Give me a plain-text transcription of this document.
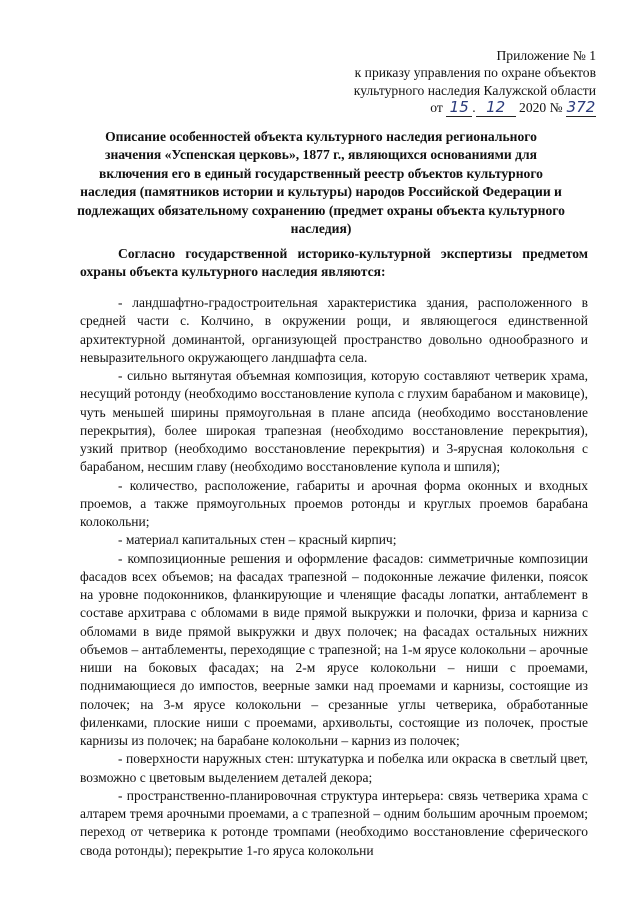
Приложение № 1
к приказу управления по охране объектов
культурного наследия Калужской области
от 15 . 12 2020 № 372
Описание особенностей объекта культурного наследия регионального значения «Успенская церковь», 1877 г., являющихся основаниями для включения его в единый государственный реестр объектов культурного наследия (памятников истории и культуры) народов Российской Федерации и подлежащих обязательному сохранению (предмет охраны объекта культурного наследия)
Согласно государственной историко-культурной экспертизы предметом охраны объекта культурного наследия являются:

- ландшафтно-градостроительная характеристика здания, расположенного в средней части с. Колчино, в окружении рощи, и являющегося единственной архитектурной доминантой, организующей пространство довольно однообразного и невыразительного окружающего ландшафта села.

- сильно вытянутая объемная композиция, которую составляют четверик храма, несущий ротонду (необходимо восстановление купола с глухим барабаном и маковице), чуть меньшей ширины прямоугольная в плане апсида (необходимо восстановление перекрытия), более широкая трапезная (необходимо восстановление перекрытия), узкий притвор (необходимо восстановление перекрытия) и 3-ярусная колокольня с барабаном, несшим главу (необходимо восстановление купола и шпиля);

- количество, расположение, габариты и арочная форма оконных и входных проемов, а также прямоугольных проемов ротонды и круглых проемов барабана колокольни;

- материал капитальных стен – красный кирпич;

- композиционные решения и оформление фасадов: симметричные композиции фасадов всех объемов; на фасадах трапезной – подоконные лежачие филенки, поясок на уровне подоконников, фланкирующие и членящие фасады лопатки, антаблемент в составе архитрава с обломами в виде прямой выкружки и полочки, фриза и карниза с обломами в виде прямой выкружки и двух полочек; на фасадах остальных нижних объемов – антаблементы, переходящие с трапезной; на 1-м ярусе колокольни – арочные ниши на боковых фасадах; на 2-м ярусе колокольни – ниши с проемами, поднимающиеся до импостов, веерные замки над проемами и карнизы, состоящие из полочек; на 3-м ярусе колокольни – срезанные углы четверика, обработанные филенками, плоские ниши с проемами, архивольты, состоящие из полочек, простые карнизы из полочек; на барабане колокольни – карниз из полочек;

- поверхности наружных стен: штукатурка и побелка или окраска в светлый цвет, возможно с цветовым выделением деталей декора;

- пространственно-планировочная структура интерьера: связь четверика храма с алтарем тремя арочными проемами, а с трапезной – одним большим арочным проемом; переход от четверика к ротонде тромпами (необходимо восстановление сферического свода ротонды); перекрытие 1-го яруса колокольни
